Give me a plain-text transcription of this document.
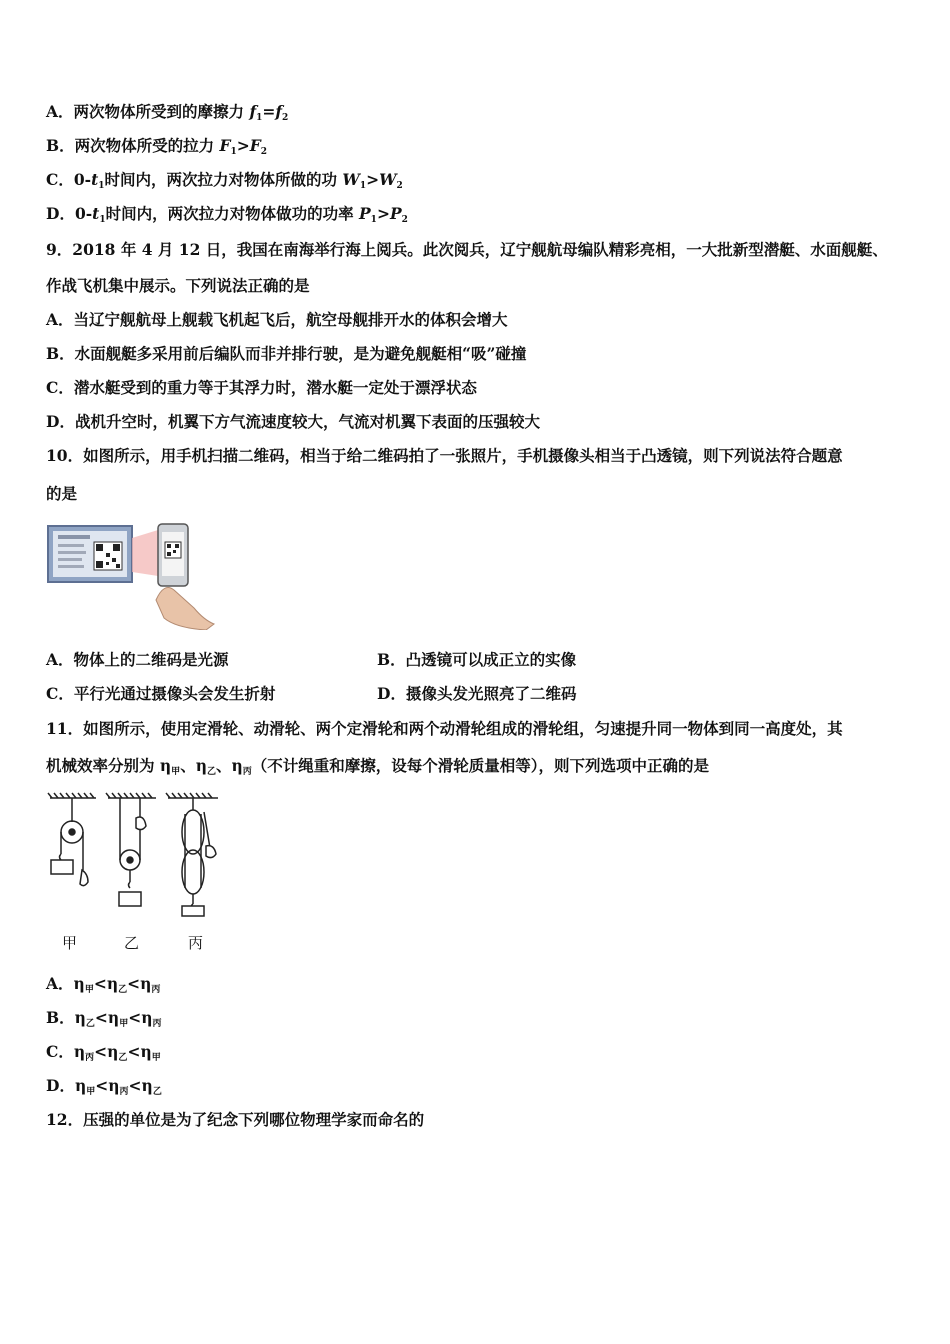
A．两次物体所受到的摩擦力 $f_1=f_2$
B．两次物体所受的拉力 $F_1>F_2$
C．$0-t_1$时间内，两次拉力对物体所做的功 $W_1>W_2$
D．$0-t_1$时间内，两次拉力对物体做功的功率 $P_1>P_2$
9．2018 年 4 月 12 日，我国在南海举行海上阅兵。此次阅兵，辽宁舰航母编队精彩亮相，一大批新型潜艇、水面舰艇、
作战飞机集中展示。下列说法正确的是
A．当辽宁舰航母上舰载飞机起飞后，航空母舰排开水的体积会增大
B．水面舰艇多采用前后编队而非并排行驶，是为避免舰艇相“吸”碰撞
C．潜水艇受到的重力等于其浮力时，潜水艇一定处于漂浮状态
D．战机升空时，机翼下方气流速度较大，气流对机翼下表面的压强较大
10．如图所示，用手机扫描二维码，相当于给二维码拍了一张照片，手机摄像头相当于凸透镜，则下列说法符合题意
的是
A．物体上的二维码是光源	B．凸透镜可以成正立的实像
C．平行光通过摄像头会发生折射	D．摄像头发光照亮了二维码
11．如图所示，使用定滑轮、动滑轮、两个定滑轮和两个动滑轮组成的滑轮组，匀速提升同一物体到同一高度处，其
机械效率分别为 $\eta_甲$、$\eta_乙$、$\eta_丙$（不计绳重和摩擦，设每个滑轮质量相等），则下列选项中正确的是
甲	乙	丙
A．$\eta_甲<\eta_乙<\eta_丙$
B．$\eta_乙<\eta_甲<\eta_丙$
C．$\eta_丙<\eta_乙<\eta_甲$
D．$\eta_甲<\eta_丙<\eta_乙$
12．压强的单位是为了纪念下列哪位物理学家而命名的
